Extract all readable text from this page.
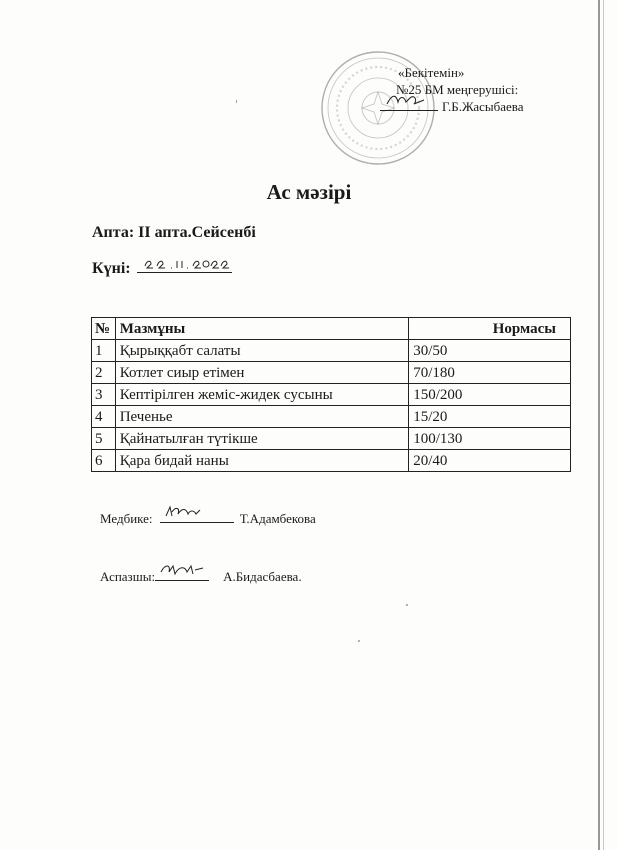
«Бекітемін»
№25 БМ меңгерушісі:
Г.Б.Жасыбаева
Ас мәзірі
Апта: ІІ апта.Сейсенбі
Күні:
№	Мазмұны	Нормасы
1	Қырыққабт салаты	30/50
2	Котлет сиыр етімен	70/180
3	Кептірілген жеміс-жидек сусыны	150/200
4	Печенье	15/20
5	Қайнатылған түтікше	100/130
6	Қара бидай наны	20/40
Медбике:	Т.Адамбекова
Аспазшы:	А.Бидасбаева.
